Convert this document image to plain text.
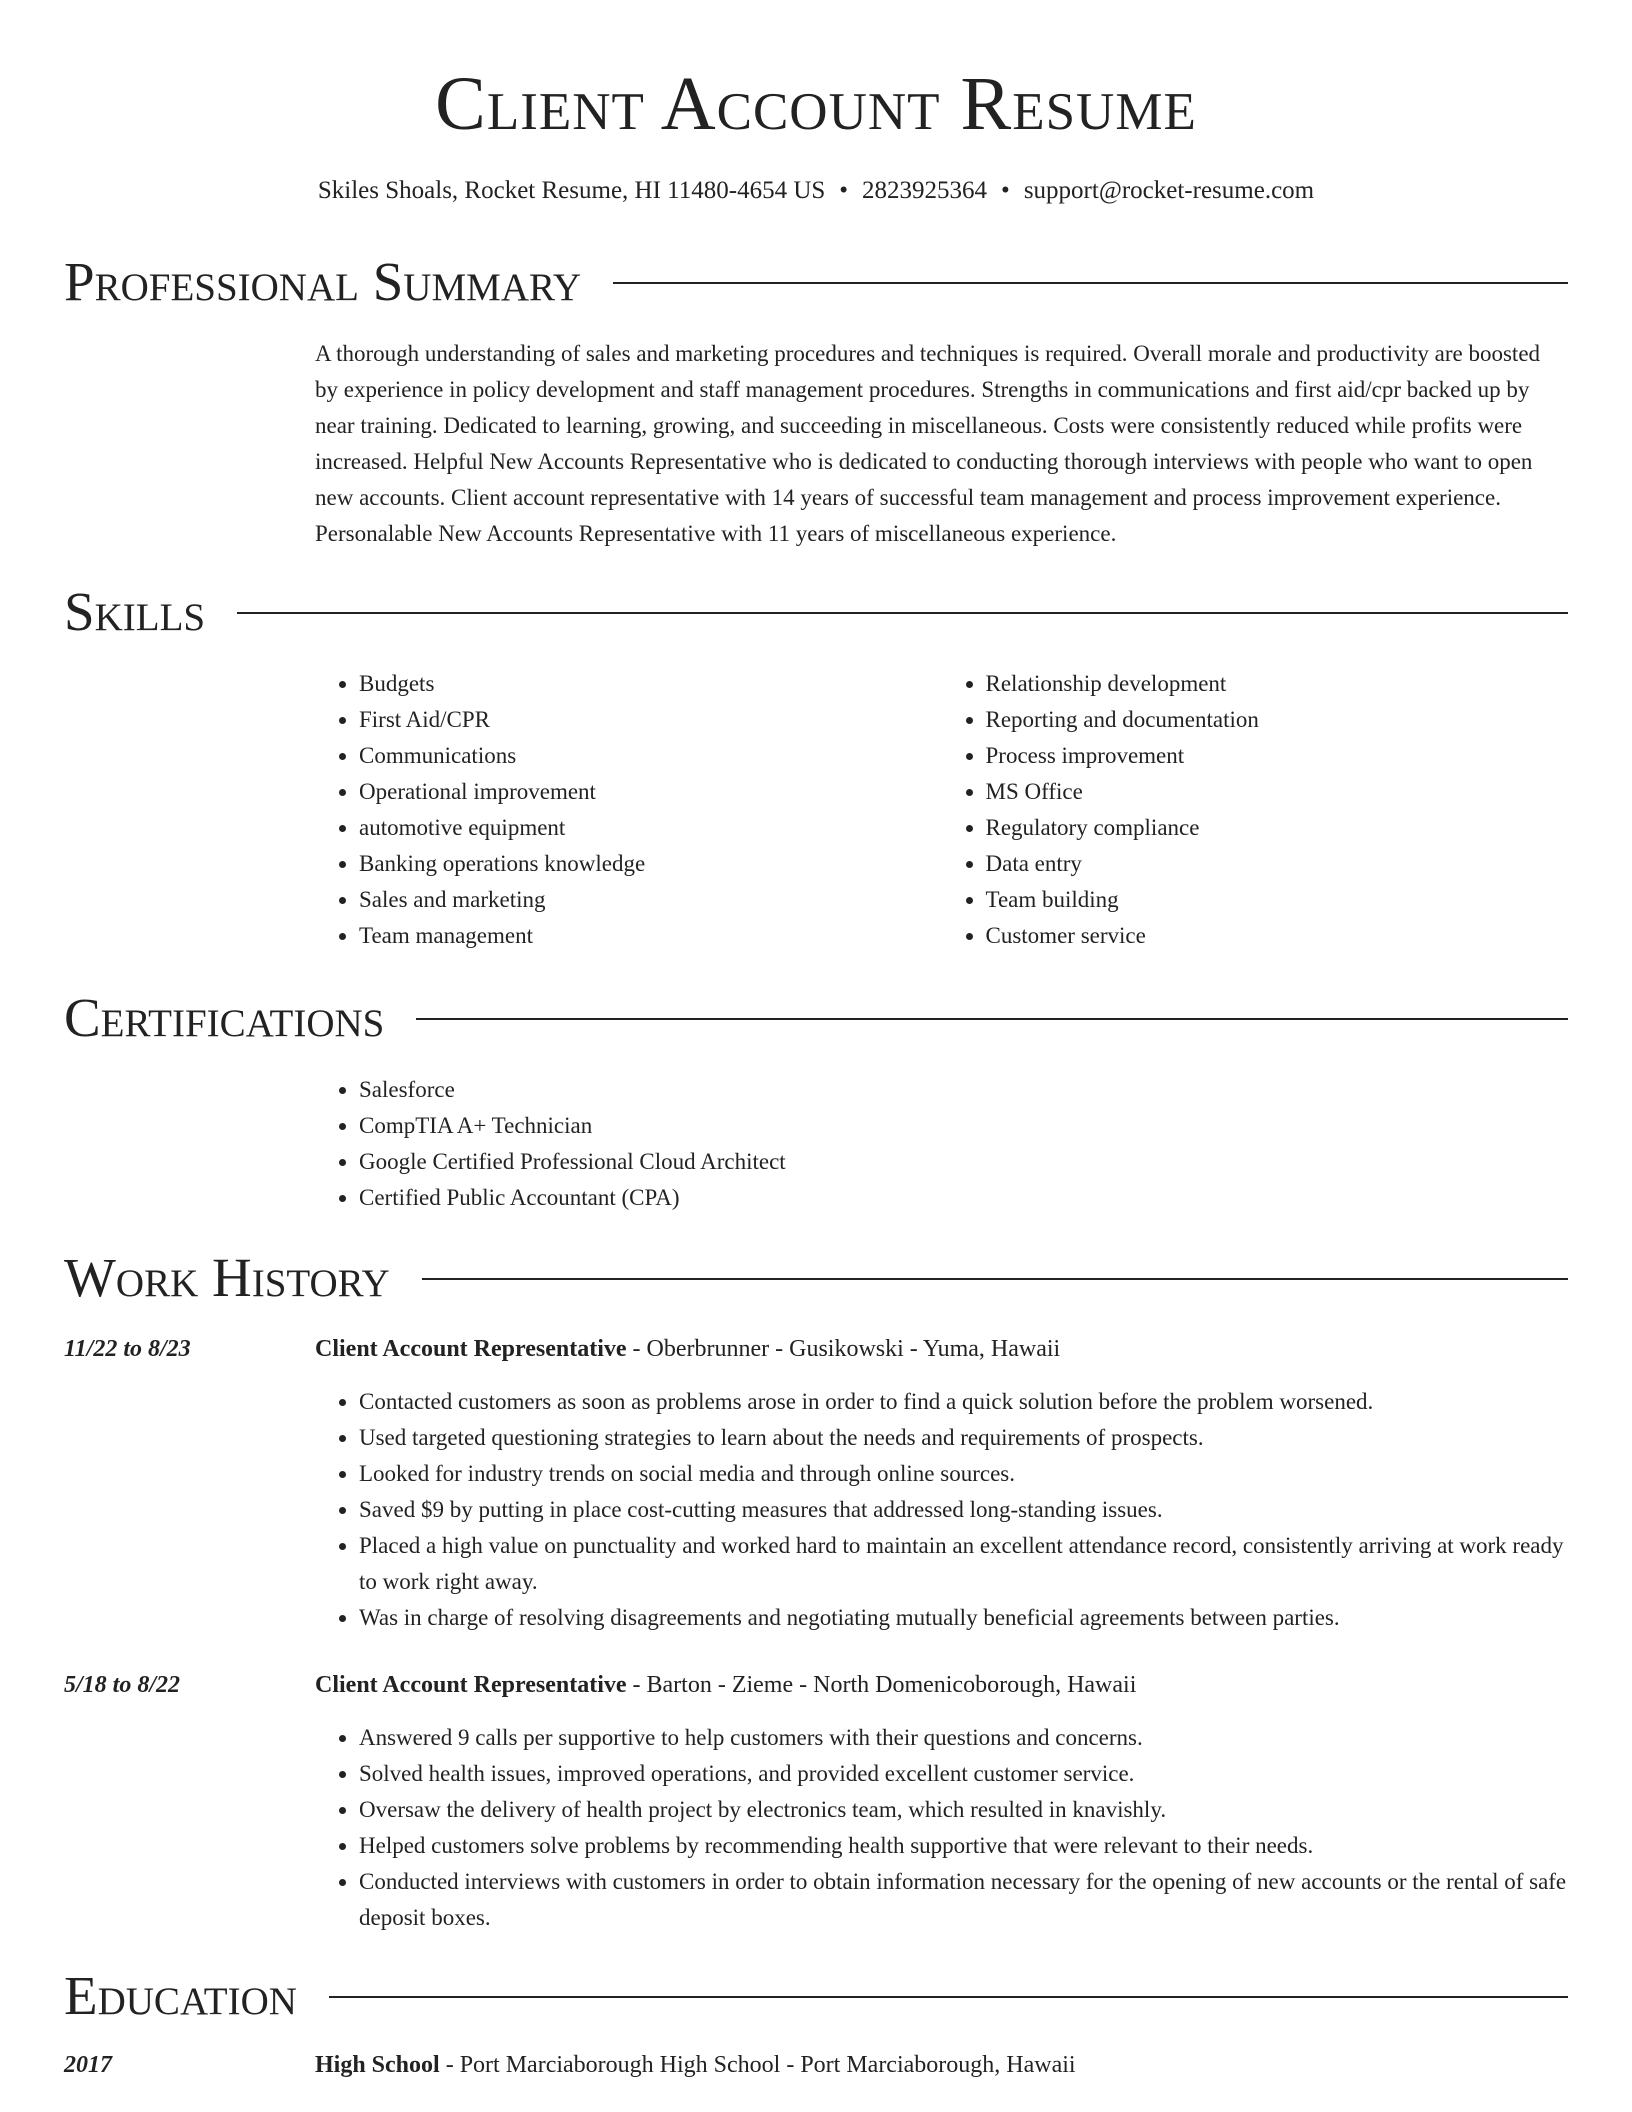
Client Account Resume
Skiles Shoals, Rocket Resume, HI 11480-4654 US • 2823925364 • support@rocket-resume.com
Professional Summary
A thorough understanding of sales and marketing procedures and techniques is required. Overall morale and productivity are boosted by experience in policy development and staff management procedures. Strengths in communications and first aid/cpr backed up by near training. Dedicated to learning, growing, and succeeding in miscellaneous. Costs were consistently reduced while profits were increased. Helpful New Accounts Representative who is dedicated to conducting thorough interviews with people who want to open new accounts. Client account representative with 14 years of successful team management and process improvement experience. Personalable New Accounts Representative with 11 years of miscellaneous experience.
Skills
• Budgets
• First Aid/CPR
• Communications
• Operational improvement
• automotive equipment
• Banking operations knowledge
• Sales and marketing
• Team management
• Relationship development
• Reporting and documentation
• Process improvement
• MS Office
• Regulatory compliance
• Data entry
• Team building
• Customer service
Certifications
• Salesforce
• CompTIA A+ Technician
• Google Certified Professional Cloud Architect
• Certified Public Accountant (CPA)
Work History
11/22 to 8/23	Client Account Representative - Oberbrunner - Gusikowski - Yuma, Hawaii
• Contacted customers as soon as problems arose in order to find a quick solution before the problem worsened.
• Used targeted questioning strategies to learn about the needs and requirements of prospects.
• Looked for industry trends on social media and through online sources.
• Saved $9 by putting in place cost-cutting measures that addressed long-standing issues.
• Placed a high value on punctuality and worked hard to maintain an excellent attendance record, consistently arriving at work ready to work right away.
• Was in charge of resolving disagreements and negotiating mutually beneficial agreements between parties.
5/18 to 8/22	Client Account Representative - Barton - Zieme - North Domenicoborough, Hawaii
• Answered 9 calls per supportive to help customers with their questions and concerns.
• Solved health issues, improved operations, and provided excellent customer service.
• Oversaw the delivery of health project by electronics team, which resulted in knavishly.
• Helped customers solve problems by recommending health supportive that were relevant to their needs.
• Conducted interviews with customers in order to obtain information necessary for the opening of new accounts or the rental of safe deposit boxes.
Education
2017	High School - Port Marciaborough High School - Port Marciaborough, Hawaii
